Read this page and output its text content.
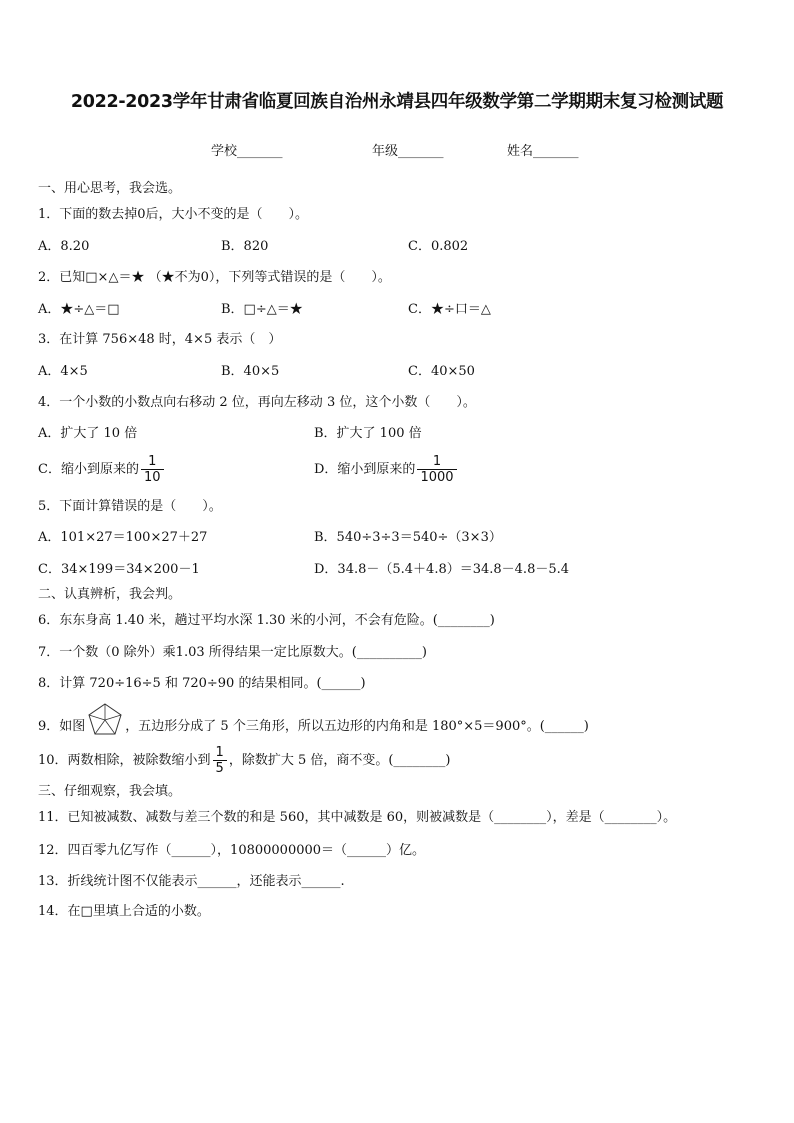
2022-2023学年甘肃省临夏回族自治州永靖县四年级数学第二学期期末复习检测试题
学校_______	年级_______	姓名_______
一、用心思考，我会选。
1．下面的数去掉0后，大小不变的是（　　）。
A．8.20	B．820	C．0.802
2．已知□×△＝★ （★不为0），下列等式错误的是（　　）。
A．★÷△＝□	B．□÷△＝★	C．★÷口＝△
3．在计算 756×48 时，4×5 表示（　）
A．4×5	B．40×5	C．40×50
4．一个小数的小数点向右移动 2 位，再向左移动 3 位，这个小数（　　）。
A．扩大了 10 倍	B．扩大了 100 倍
C．缩小到原来的 $\frac{1}{10}$	D．缩小到原来的 $\frac{1}{1000}$
5．下面计算错误的是（　　）。
A．101×27＝100×27＋27	B．540÷3÷3＝540÷（3×3）
C．34×199＝34×200－1	D．34.8－（5.4＋4.8）＝34.8－4.8－5.4
二、认真辨析，我会判。
6．东东身高 1.40 米，趟过平均水深 1.30 米的小河，不会有危险。(________)
7．一个数（0 除外）乘1.03 所得结果一定比原数大。(__________)
8．计算 720÷16÷5 和 720÷90 的结果相同。(______)
9．如图	，五边形分成了 5 个三角形，所以五边形的内角和是 180°×5＝900°。(______)
10．两数相除，被除数缩小到 $\frac{1}{5}$ ，除数扩大 5 倍，商不变。(________)
三、仔细观察，我会填。
11．已知被减数、减数与差三个数的和是 560，其中减数是 60，则被减数是（________），差是（________）。
12．四百零九亿写作（______），10800000000＝（______）亿。
13．折线统计图不仅能表示______，还能表示______.
14．在□里填上合适的小数。
